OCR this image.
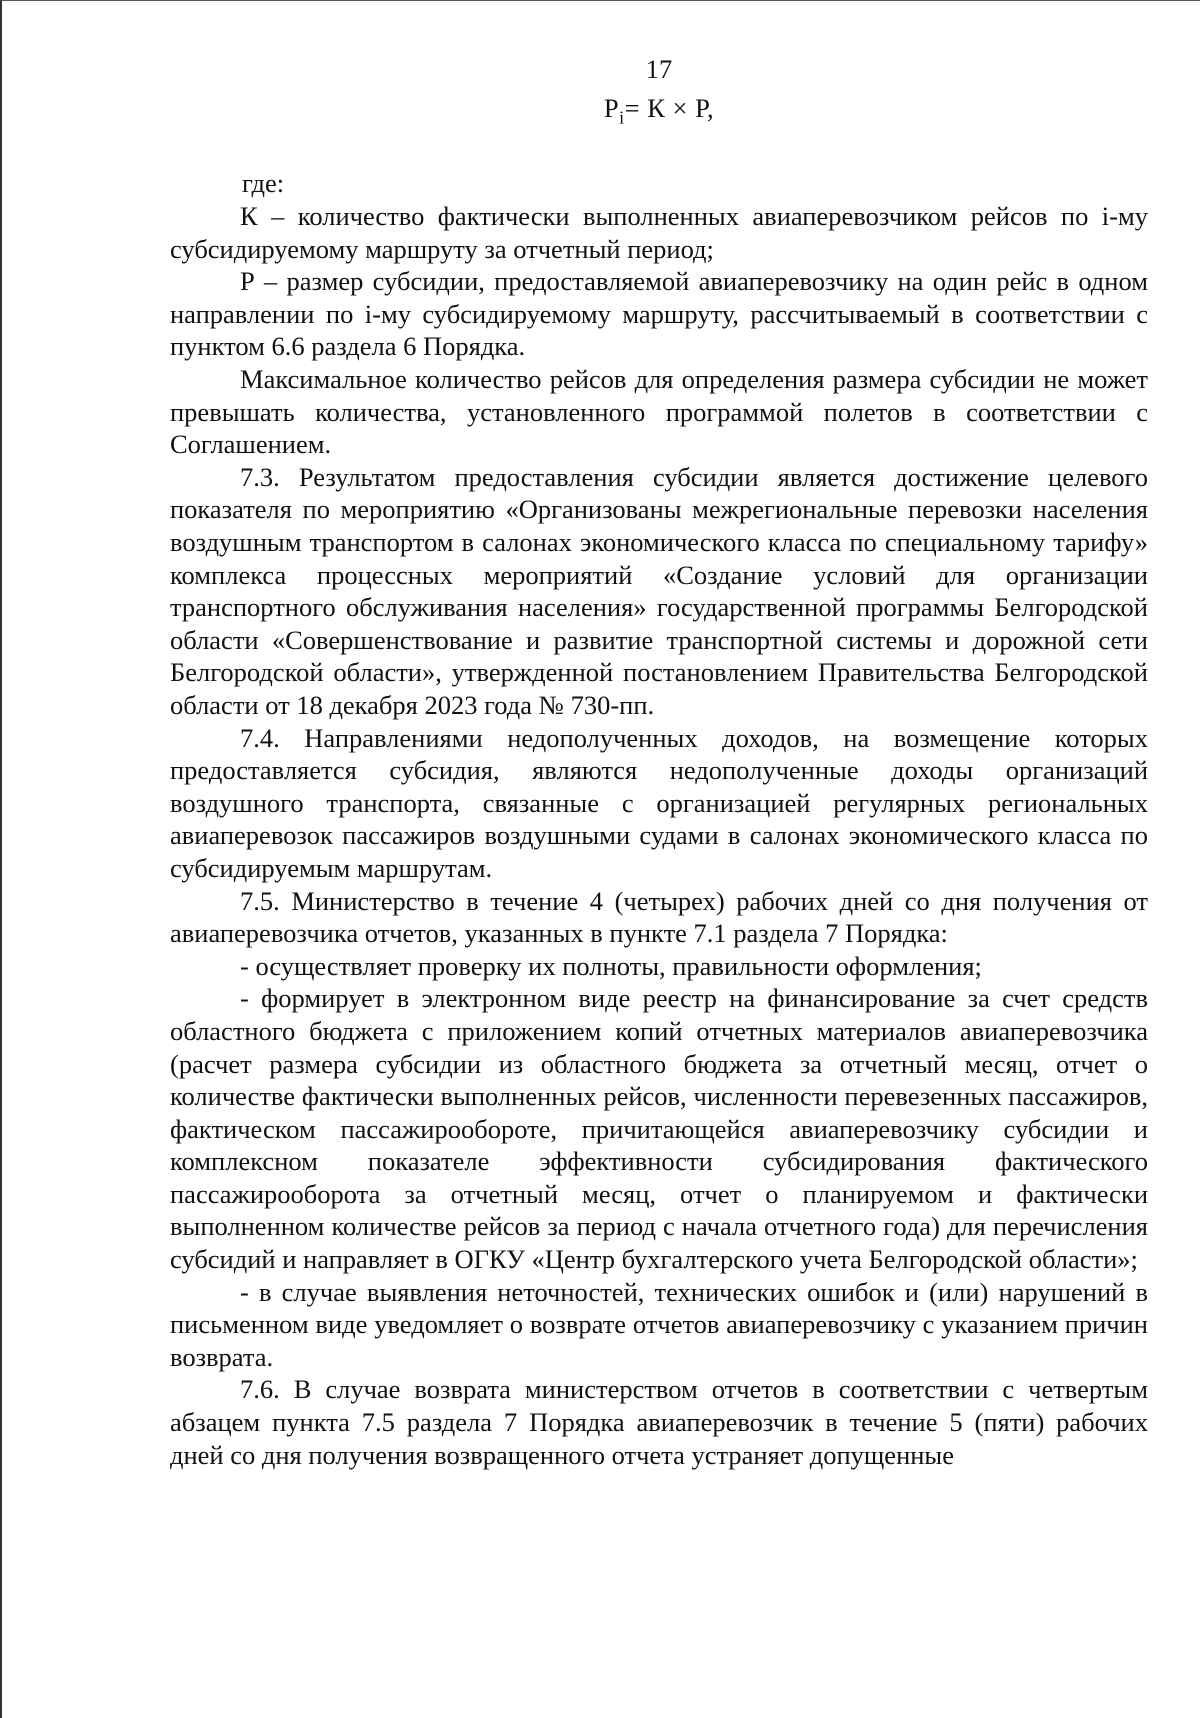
17
$P_i= К \times Р$,

где:

К – количество фактически выполненных авиаперевозчиком рейсов по i-му субсидируемому маршруту за отчетный период;

Р – размер субсидии, предоставляемой авиаперевозчику на один рейс в одном направлении по i-му субсидируемому маршруту, рассчитываемый в соответствии с пунктом 6.6 раздела 6 Порядка.

Максимальное количество рейсов для определения размера субсидии не может превышать количества, установленного программой полетов в соответствии с Соглашением.

7.3. Результатом предоставления субсидии является достижение целевого показателя по мероприятию «Организованы межрегиональные перевозки населения воздушным транспортом в салонах экономического класса по специальному тарифу» комплекса процессных мероприятий «Создание условий для организации транспортного обслуживания населения» государственной программы Белгородской области «Совершенствование и развитие транспортной системы и дорожной сети Белгородской области», утвержденной постановлением Правительства Белгородской области от 18 декабря 2023 года № 730-пп.

7.4. Направлениями недополученных доходов, на возмещение которых предоставляется субсидия, являются недополученные доходы организаций воздушного транспорта, связанные с организацией регулярных региональных авиаперевозок пассажиров воздушными судами в салонах экономического класса по субсидируемым маршрутам.

7.5. Министерство в течение 4 (четырех) рабочих дней со дня получения от авиаперевозчика отчетов, указанных в пункте 7.1 раздела 7 Порядка:

- осуществляет проверку их полноты, правильности оформления;

- формирует в электронном виде реестр на финансирование за счет средств областного бюджета с приложением копий отчетных материалов авиаперевозчика (расчет размера субсидии из областного бюджета за отчетный месяц, отчет о количестве фактически выполненных рейсов, численности перевезенных пассажиров, фактическом пассажирообороте, причитающейся авиаперевозчику субсидии и комплексном показателе эффективности субсидирования фактического пассажирооборота за отчетный месяц, отчет о планируемом и фактически выполненном количестве рейсов за период с начала отчетного года) для перечисления субсидий и направляет в ОГКУ «Центр бухгалтерского учета Белгородской области»;

- в случае выявления неточностей, технических ошибок и (или) нарушений в письменном виде уведомляет о возврате отчетов авиаперевозчику с указанием причин возврата.

7.6. В случае возврата министерством отчетов в соответствии с четвертым абзацем пункта 7.5 раздела 7 Порядка авиаперевозчик в течение 5 (пяти) рабочих дней со дня получения возвращенного отчета устраняет допущенные
